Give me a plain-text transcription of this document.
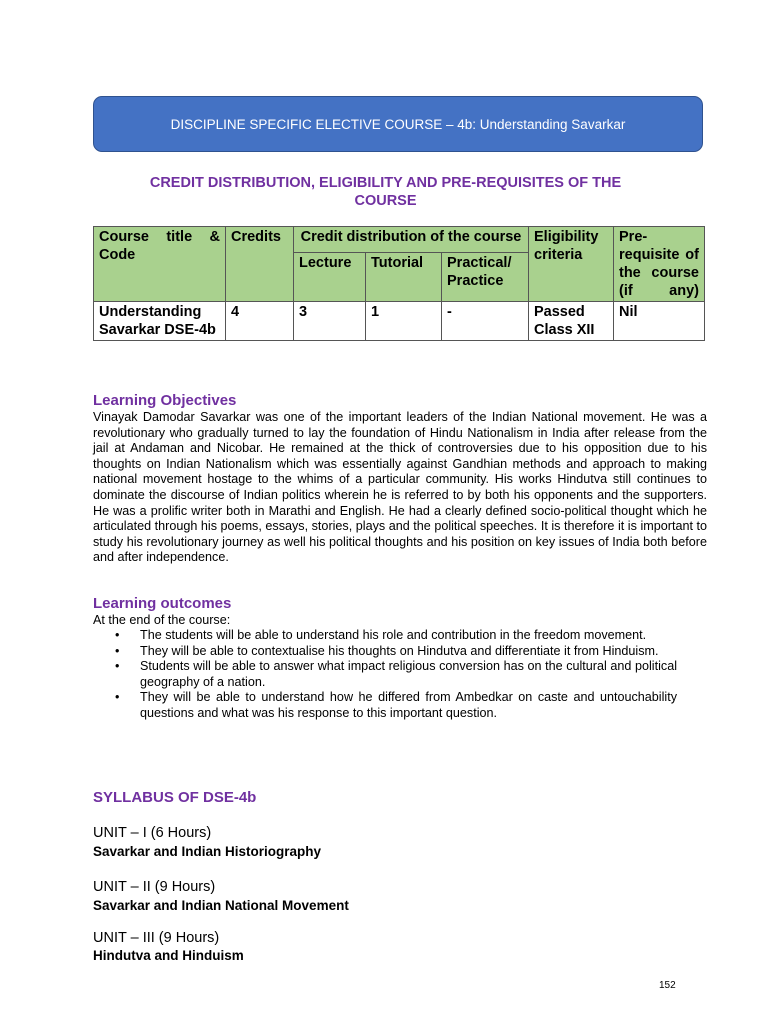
DISCIPLINE SPECIFIC ELECTIVE COURSE – 4b: Understanding Savarkar
CREDIT DISTRIBUTION, ELIGIBILITY AND PRE-REQUISITES OF THE
COURSE
Course title & Code	Credits	Credit distribution of the course			Eligibility criteria	Pre-requisite of the course (if any)

		Lecture	Tutorial	Practical/ Practice		
Understanding Savarkar DSE-4b	4	3	1	-	Passed Class XII	Nil
Learning Objectives

Vinayak Damodar Savarkar was one of the important leaders of the Indian National movement. He was a revolutionary who gradually turned to lay the foundation of Hindu Nationalism in India after release from the jail at Andaman and Nicobar. He remained at the thick of controversies due to his opposition due to his thoughts on Indian Nationalism which was essentially against Gandhian methods and approach to making national movement hostage to the whims of a particular community. His works Hindutva still continues to dominate the discourse of Indian politics wherein he is referred to by both his opponents and the supporters. He was a prolific writer both in Marathi and English. He had a clearly defined socio-political thought which he articulated through his poems, essays, stories, plays and the political speeches. It is therefore it is important to study his revolutionary journey as well his political thoughts and his position on key issues of India both before and after independence.

Learning outcomes
At the end of the course:
• The students will be able to understand his role and contribution in the freedom movement.
• They will be able to contextualise his thoughts on Hindutva and differentiate it from Hinduism.
• Students will be able to answer what impact religious conversion has on the cultural and political geography of a nation.
• They will be able to understand how he differed from Ambedkar on caste and untouchability questions and what was his response to this important question.
SYLLABUS OF DSE-4b
UNIT – I (6 Hours)
Savarkar and Indian Historiography
UNIT – II (9 Hours)
Savarkar and Indian National Movement
UNIT – III (9 Hours)
Hindutva and Hinduism
152
